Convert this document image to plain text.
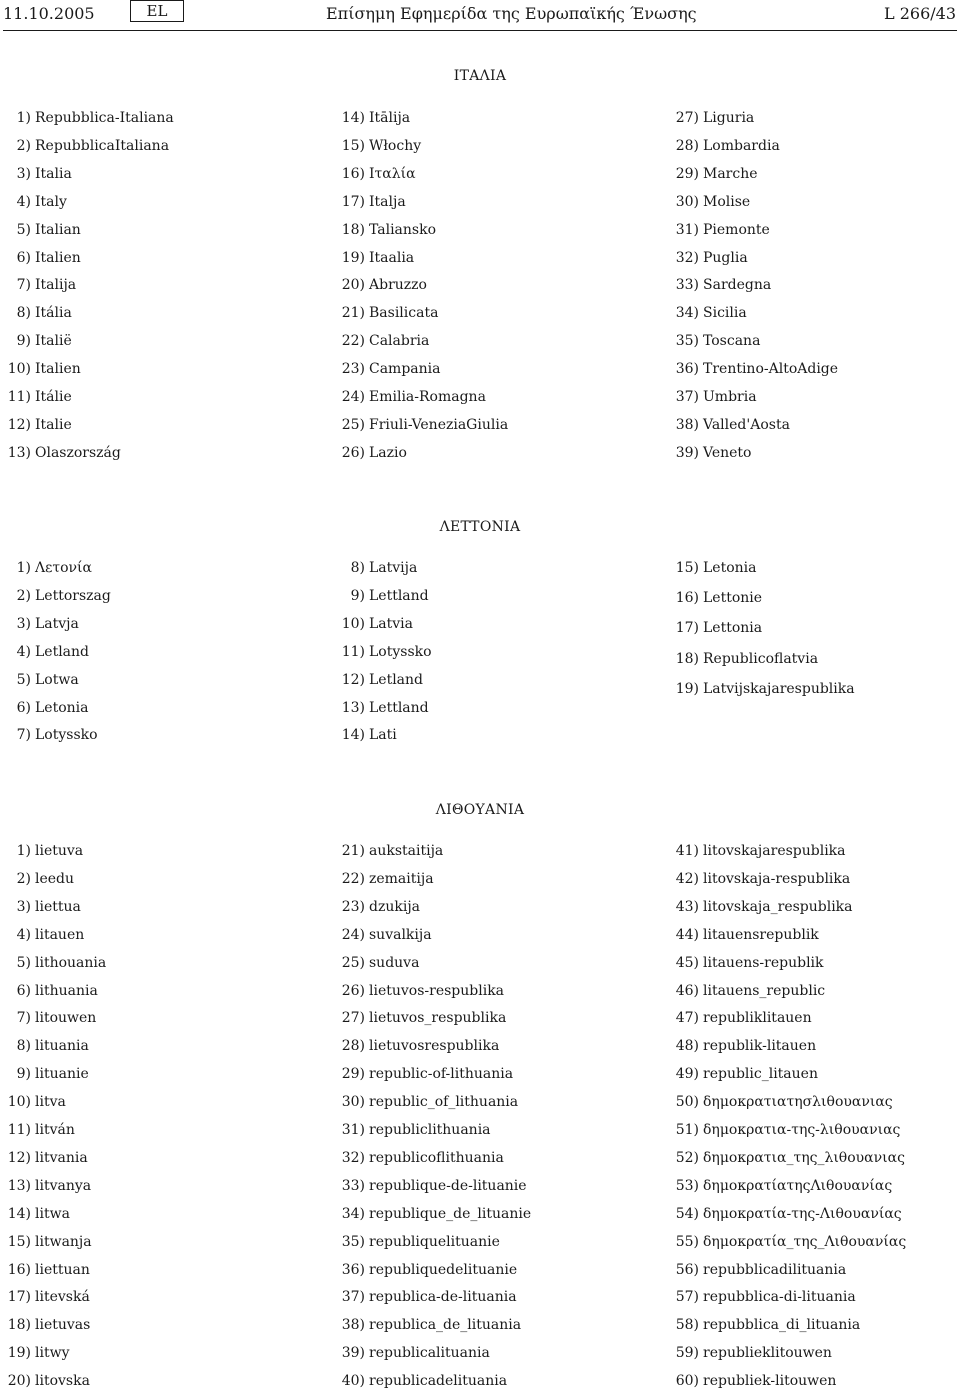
11.10.2005	EL	Επίσημη Εφημερίδα της Ευρωπαϊκής Ένωσης	L 266/43
ΙΤΑΛΙΑ
1) Repubblica-Italiana
2) RepubblicaItaliana
3) Italia
4) Italy
5) Italian
6) Italien
7) Italija
8) Itália
9) Italië
10) Italien
11) Itálie
12) Italie
13) Olaszország
14) Itālija
15) Włochy
16) Ιταλία
17) Italja
18) Taliansko
19) Itaalia
20) Abruzzo
21) Basilicata
22) Calabria
23) Campania
24) Emilia-Romagna
25) Friuli-VeneziaGiulia
26) Lazio
27) Liguria
28) Lombardia
29) Marche
30) Molise
31) Piemonte
32) Puglia
33) Sardegna
34) Sicilia
35) Toscana
36) Trentino-AltoAdige
37) Umbria
38) Valled'Aosta
39) Veneto
ΛΕΤΤΟΝΙΑ
1) Λετονία
2) Lettorszag
3) Latvja
4) Letland
5) Lotwa
6) Letonia
7) Lotyssko
8) Latvija
9) Lettland
10) Latvia
11) Lotyssko
12) Letland
13) Lettland
14) Lati
15) Letonia
16) Lettonie
17) Lettonia
18) Republicoflatvia
19) Latvijskajarespublika
ΛΙΘΟΥΑΝΙΑ
1) lietuva
2) leedu
3) liettua
4) litauen
5) lithouania
6) lithuania
7) litouwen
8) lituania
9) lituanie
10) litva
11) litván
12) litvania
13) litvanya
14) litwa
15) litwanja
16) liettuan
17) litevská
18) lietuvas
19) litwy
20) litovska
21) aukstaitija
22) zemaitija
23) dzukija
24) suvalkija
25) suduva
26) lietuvos-respublika
27) lietuvos_respublika
28) lietuvosrespublika
29) republic-of-lithuania
30) republic_of_lithuania
31) republiclithuania
32) republicoflithuania
33) republique-de-lituanie
34) republique_de_lituanie
35) republiquelituanie
36) republiquedelituanie
37) republica-de-lituania
38) republica_de_lituania
39) republicalituania
40) republicadelituania
41) litovskajarespublika
42) litovskaja-respublika
43) litovskaja_respublika
44) litauensrepublik
45) litauens-republik
46) litauens_republic
47) republiklitauen
48) republik-litauen
49) republic_litauen
50) δημοκρατιατησλιθουανιας
51) δημοκρατια-της-λιθουανιας
52) δημοκρατια_της_λιθουανιας
53) δημοκρατίατηςΛιθουανίας
54) δημοκρατία-της-Λιθουανίας
55) δημοκρατία_της_Λιθουανίας
56) repubblicadilituania
57) repubblica-di-lituania
58) repubblica_di_lituania
59) republieklitouwen
60) republiek-litouwen
